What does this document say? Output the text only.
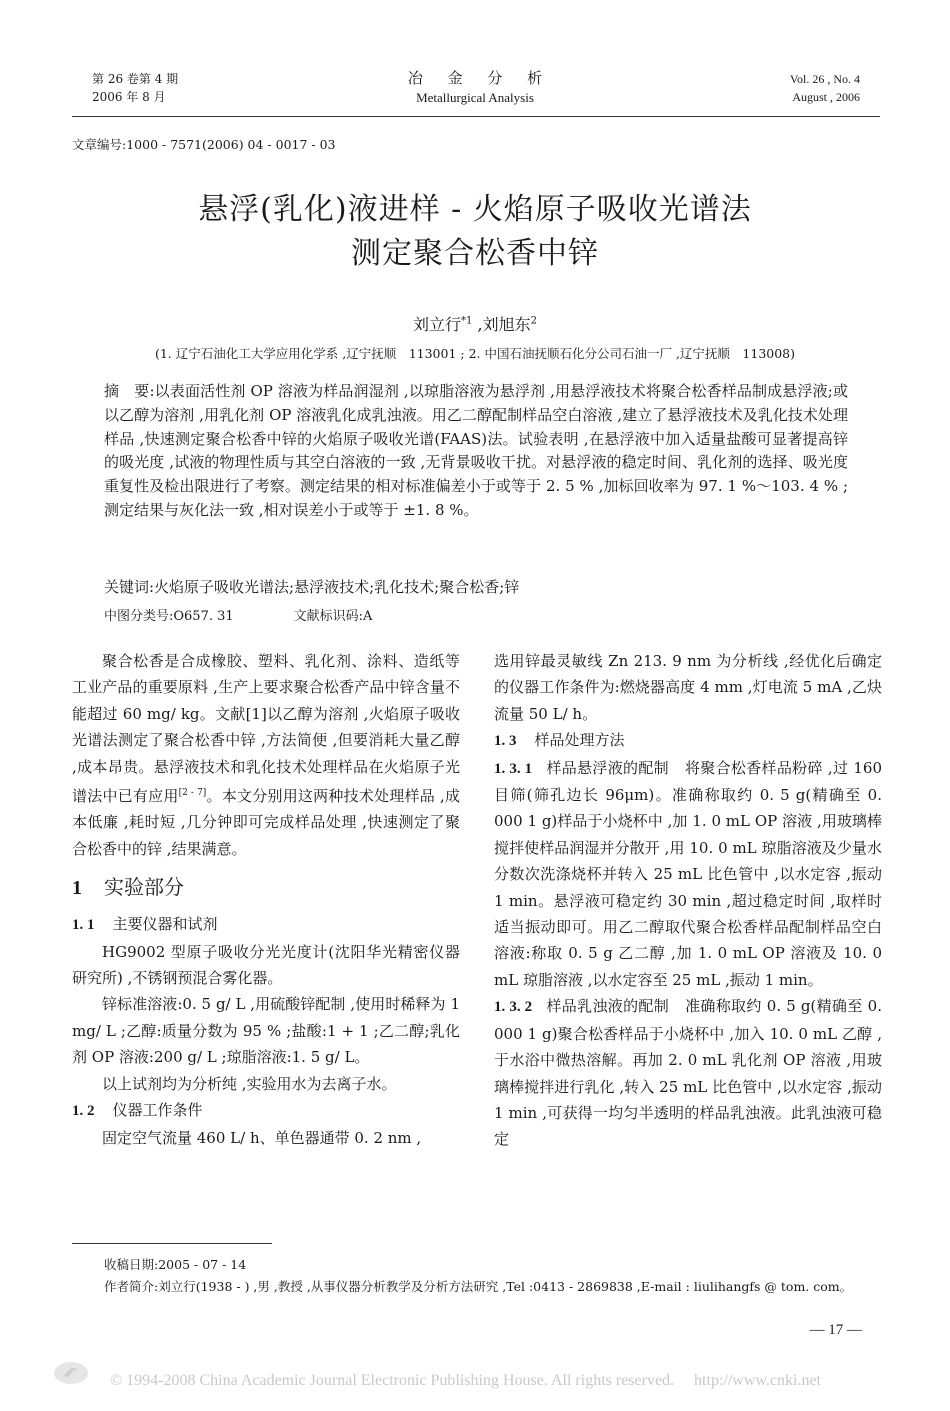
第 26 卷第 4 期
2006 年 8 月
冶 金 分 析
Metallurgical Analysis
Vol. 26 , No. 4
August , 2006
文章编号:1000 - 7571(2006) 04 - 0017 - 03
悬浮(乳化)液进样 - 火焰原子吸收光谱法
测定聚合松香中锌
刘立行$^{*1}$ ,刘旭东$^2$
(1. 辽宁石油化工大学应用化学系 ,辽宁抚顺　113001 ; 2. 中国石油抚顺石化分公司石油一厂 ,辽宁抚顺　113008)

摘　要:以表面活性剂 OP 溶液为样品润湿剂 ,以琼脂溶液为悬浮剂 ,用悬浮液技术将聚合松香样品制成悬浮液;或以乙醇为溶剂 ,用乳化剂 OP 溶液乳化成乳浊液。用乙二醇配制样品空白溶液 ,建立了悬浮液技术及乳化技术处理样品 ,快速测定聚合松香中锌的火焰原子吸收光谱(FAAS)法。试验表明 ,在悬浮液中加入适量盐酸可显著提高锌的吸光度 ,试液的物理性质与其空白溶液的一致 ,无背景吸收干扰。对悬浮液的稳定时间、乳化剂的选择、吸光度重复性及检出限进行了考察。测定结果的相对标准偏差小于或等于 2. 5 % ,加标回收率为 97. 1 %～103. 4 % ;测定结果与灰化法一致 ,相对误差小于或等于 ±1. 8 %。

关键词:火焰原子吸收光谱法;悬浮液技术;乳化技术;聚合松香;锌
中图分类号:O657. 31	文献标识码:A

聚合松香是合成橡胶、塑料、乳化剂、涂料、造纸等工业产品的重要原料 ,生产上要求聚合松香产品中锌含量不能超过 60 mg/ kg。文献[1]以乙醇为溶剂 ,火焰原子吸收光谱法测定了聚合松香中锌 ,方法简便 ,但要消耗大量乙醇 ,成本昂贵。悬浮液技术和乳化技术处理样品在火焰原子光谱法中已有应用[2 - 7]。本文分别用这两种技术处理样品 ,成本低廉 ,耗时短 ,几分钟即可完成样品处理 ,快速测定了聚合松香中的锌 ,结果满意。

1 实验部分

1. 1 主要仪器和试剂

HG9002 型原子吸收分光光度计(沈阳华光精密仪器研究所) ,不锈钢预混合雾化器。

锌标准溶液:0. 5 g/ L ,用硫酸锌配制 ,使用时稀释为 1 mg/ L ;乙醇:质量分数为 95 % ;盐酸:1 + 1 ;乙二醇;乳化剂 OP 溶液:200 g/ L ;琼脂溶液:1. 5 g/ L。

以上试剂均为分析纯 ,实验用水为去离子水。

1. 2 仪器工作条件

固定空气流量 460 L/ h、单色器通带 0. 2 nm ,

选用锌最灵敏线 Zn 213. 9 nm 为分析线 ,经优化后确定的仪器工作条件为:燃烧器高度 4 mm ,灯电流 5 mA ,乙炔流量 50 L/ h。

1. 3 样品处理方法

1. 3. 1 样品悬浮液的配制 将聚合松香样品粉碎 ,过 160 目筛(筛孔边长 96μm)。准确称取约 0. 5 g(精确至 0. 000 1 g)样品于小烧杯中 ,加 1. 0 mL OP 溶液 ,用玻璃棒搅拌使样品润湿并分散开 ,用 10. 0 mL 琼脂溶液及少量水分数次洗涤烧杯并转入 25 mL 比色管中 ,以水定容 ,振动 1 min。悬浮液可稳定约 30 min ,超过稳定时间 ,取样时适当振动即可。用乙二醇取代聚合松香样品配制样品空白溶液:称取 0. 5 g 乙二醇 ,加 1. 0 mL OP 溶液及 10. 0 mL 琼脂溶液 ,以水定容至 25 mL ,振动 1 min。

1. 3. 2 样品乳浊液的配制 准确称取约 0. 5 g(精确至 0. 000 1 g)聚合松香样品于小烧杯中 ,加入 10. 0 mL 乙醇 ,于水浴中微热溶解。再加 2. 0 mL 乳化剂 OP 溶液 ,用玻璃棒搅拌进行乳化 ,转入 25 mL 比色管中 ,以水定容 ,振动 1 min ,可获得一均匀半透明的样品乳浊液。此乳浊液可稳定

收稿日期:2005 - 07 - 14
作者简介:刘立行(1938 - ) ,男 ,教授 ,从事仪器分析教学及分析方法研究 ,Tel :0413 - 2869838 ,E-mail : liulihangfs @ tom. com。
— 17 —
© 1994-2008 China Academic Journal Electronic Publishing House. All rights reserved.　 http://www.cnki.net
